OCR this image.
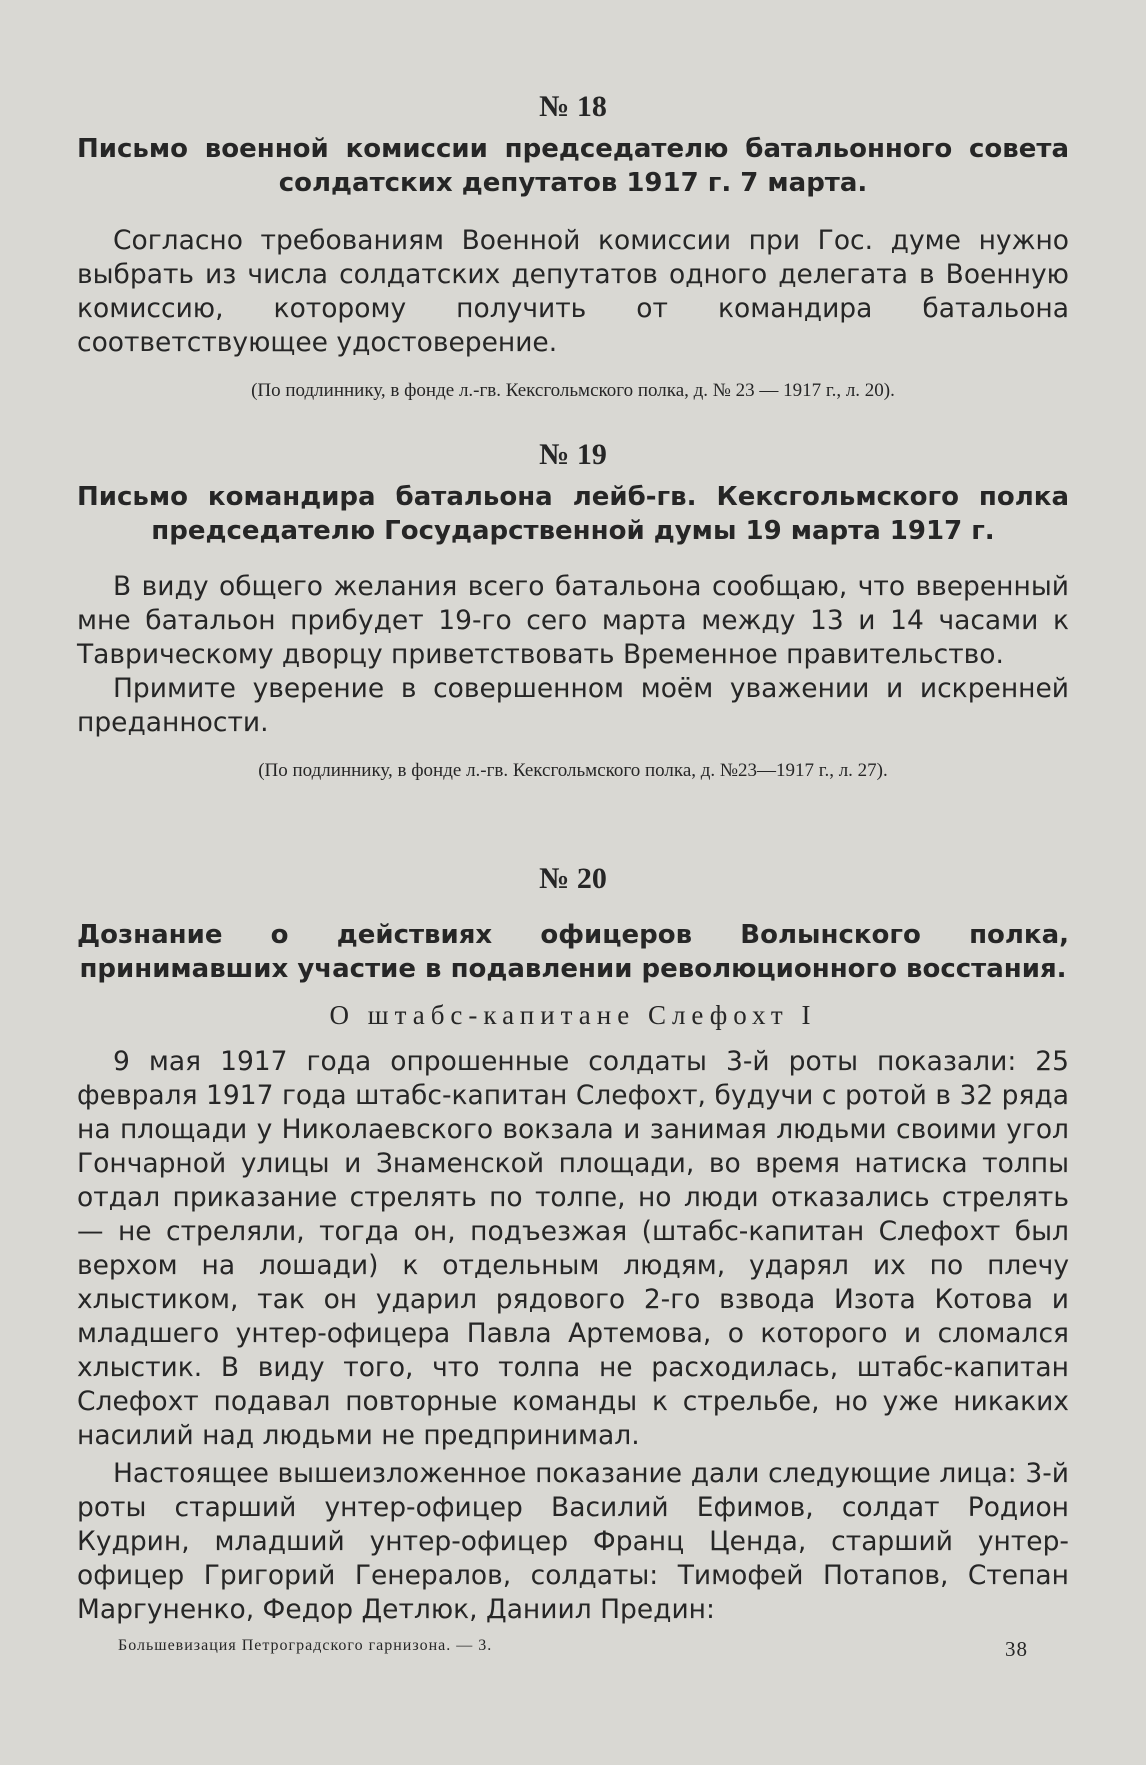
№ 18

Письмо военной комиссии председателю батальонного совета солдатских депутатов 1917 г. 7 марта.

Согласно требованиям Военной комиссии при Гос. думе нужно выбрать из числа солдатских депутатов одного делегата в Военную комиссию, которому получить от командира батальона соответствующее удостоверение.

(По подлиннику, в фонде л.-гв. Кексгольмского полка, д. № 23 — 1917 г., л. 20).

№ 19

Письмо командира батальона лейб-гв. Кексгольмского полка председателю Государственной думы 19 марта 1917 г.

В виду общего желания всего батальона сообщаю, что вверенный мне батальон прибудет 19-го сего марта между 13 и 14 часами к Таврическому дворцу приветствовать Временное правительство.

Примите уверение в совершенном моём уважении и искренней преданности.

(По подлиннику, в фонде л.-гв. Кексгольмского полка, д. №23—1917 г., л. 27).

№ 20

Дознание о действиях офицеров Волынского полка, принимавших участие в подавлении революционного восстания.

О штабс-капитане Слефохт I

9 мая 1917 года опрошенные солдаты 3-й роты показали: 25 февраля 1917 года штабс-капитан Слефохт, будучи с ротой в 32 ряда на площади у Николаевского вокзала и занимая людьми своими угол Гончарной улицы и Знаменской площади, во время натиска толпы отдал приказание стрелять по толпе, но люди отказались стрелять — не стреляли, тогда он, подъезжая (штабс-капитан Слефохт был верхом на лошади) к отдельным людям, ударял их по плечу хлыстиком, так он ударил рядового 2-го взвода Изота Котова и младшего унтер-офицера Павла Артемова, о которого и сломался хлыстик. В виду того, что толпа не расходилась, штабс-капитан Слефохт подавал повторные команды к стрельбе, но уже никаких насилий над людьми не предпринимал.

Настоящее вышеизложенное показание дали следующие лица: 3-й роты старший унтер-офицер Василий Ефимов, солдат Родион Кудрин, младший унтер-офицер Франц Ценда, старший унтер-офицер Григорий Генералов, солдаты: Тимофей Потапов, Степан Маргуненко, Федор Детлюк, Даниил Предин:

Большевизация Петроградского гарнизона. — 3.	38
